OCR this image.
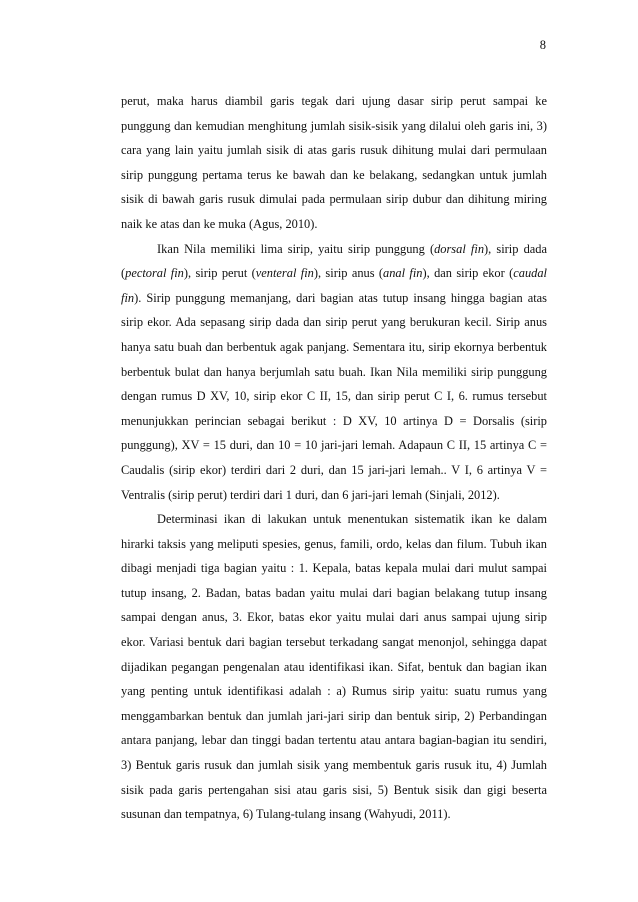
8

perut, maka harus diambil garis tegak dari ujung dasar sirip perut sampai ke punggung dan kemudian menghitung jumlah sisik-sisik yang dilalui oleh garis ini, 3) cara yang lain yaitu jumlah sisik di atas garis rusuk dihitung mulai dari permulaan sirip punggung pertama terus ke bawah dan ke belakang, sedangkan untuk jumlah sisik di bawah garis rusuk dimulai pada permulaan sirip dubur dan dihitung miring naik ke atas dan ke muka (Agus, 2010).

Ikan Nila memiliki lima sirip, yaitu sirip punggung (dorsal fin), sirip dada (pectoral fin), sirip perut (venteral fin), sirip anus (anal fin), dan sirip ekor (caudal fin). Sirip punggung memanjang, dari bagian atas tutup insang hingga bagian atas sirip ekor. Ada sepasang sirip dada dan sirip perut yang berukuran kecil. Sirip anus hanya satu buah dan berbentuk agak panjang. Sementara itu, sirip ekornya berbentuk berbentuk bulat dan hanya berjumlah satu buah. Ikan Nila memiliki sirip punggung dengan rumus D XV, 10, sirip ekor C II, 15, dan sirip perut C I, 6. rumus tersebut menunjukkan perincian sebagai berikut : D XV, 10 artinya D = Dorsalis (sirip punggung), XV = 15 duri, dan 10 = 10 jari-jari lemah. Adapaun C II, 15 artinya C = Caudalis (sirip ekor) terdiri dari 2 duri, dan 15 jari-jari lemah.. V I, 6 artinya V = Ventralis (sirip perut) terdiri dari 1 duri, dan 6 jari-jari lemah (Sinjali, 2012).

Determinasi ikan di lakukan untuk menentukan sistematik ikan ke dalam hirarki taksis yang meliputi spesies, genus, famili, ordo, kelas dan filum. Tubuh ikan dibagi menjadi tiga bagian yaitu : 1. Kepala, batas kepala mulai dari mulut sampai tutup insang, 2. Badan, batas badan yaitu mulai dari bagian belakang tutup insang sampai dengan anus, 3. Ekor, batas ekor yaitu mulai dari anus sampai ujung sirip ekor. Variasi bentuk dari bagian tersebut terkadang sangat menonjol, sehingga dapat dijadikan pegangan pengenalan atau identifikasi ikan. Sifat, bentuk dan bagian ikan yang penting untuk identifikasi adalah : a) Rumus sirip yaitu: suatu rumus yang menggambarkan bentuk dan jumlah jari-jari sirip dan bentuk sirip, 2) Perbandingan antara panjang, lebar dan tinggi badan tertentu atau antara bagian-bagian itu sendiri, 3) Bentuk garis rusuk dan jumlah sisik yang membentuk garis rusuk itu, 4) Jumlah sisik pada garis pertengahan sisi atau garis sisi, 5) Bentuk sisik dan gigi beserta susunan dan tempatnya, 6) Tulang-tulang insang (Wahyudi, 2011).
